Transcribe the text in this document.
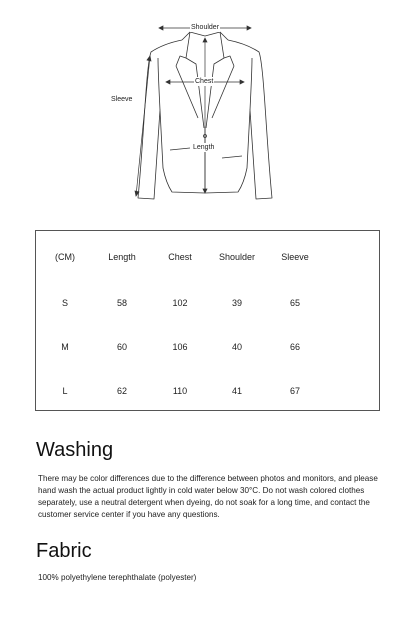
Shoulder
Chest
Sleeve
Length
(CM)	Length	Chest	Shoulder	Sleeve
S	58	102	39	65
M	60	106	40	66
L	62	110	41	67
Washing

There may be color differences due to the difference between photos and monitors, and please hand wash the actual product lightly in cold water below 30°C. Do not wash colored clothes separately, use a neutral detergent when dyeing, do not soak for a long time, and contact the customer service center if you have any questions.

Fabric

100% polyethylene terephthalate (polyester)
